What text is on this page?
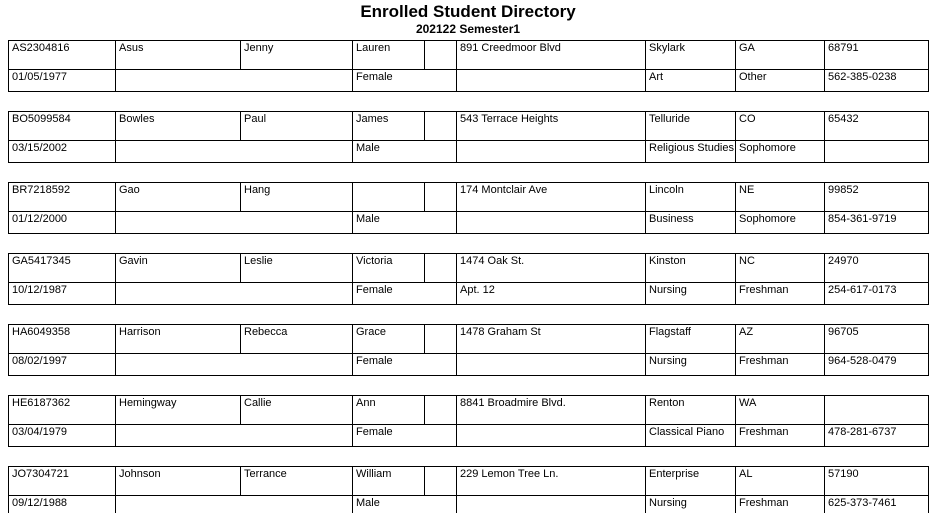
Enrolled Student Directory
202122 Semester1
AS2304816	Asus	Jenny	Lauren		891 Creedmoor Blvd	Skylark	GA	68791
01/05/1977			Female			Art	Other	562-385-0238
BO5099584	Bowles	Paul	James		543 Terrace Heights	Telluride	CO	65432
03/15/2002			Male			Religious Studies	Sophomore	
BR7218592	Gao	Hang			174 Montclair Ave	Lincoln	NE	99852
01/12/2000			Male			Business	Sophomore	854-361-9719
GA5417345	Gavin	Leslie	Victoria		1474 Oak St.	Kinston	NC	24970
10/12/1987			Female		Apt. 12	Nursing	Freshman	254-617-0173
HA6049358	Harrison	Rebecca	Grace		1478 Graham St	Flagstaff	AZ	96705
08/02/1997			Female			Nursing	Freshman	964-528-0479
HE6187362	Hemingway	Callie	Ann		8841 Broadmire Blvd.	Renton	WA	
03/04/1979			Female			Classical Piano	Freshman	478-281-6737
JO7304721	Johnson	Terrance	William		229 Lemon Tree Ln.	Enterprise	AL	57190
09/12/1988			Male			Nursing	Freshman	625-373-7461
